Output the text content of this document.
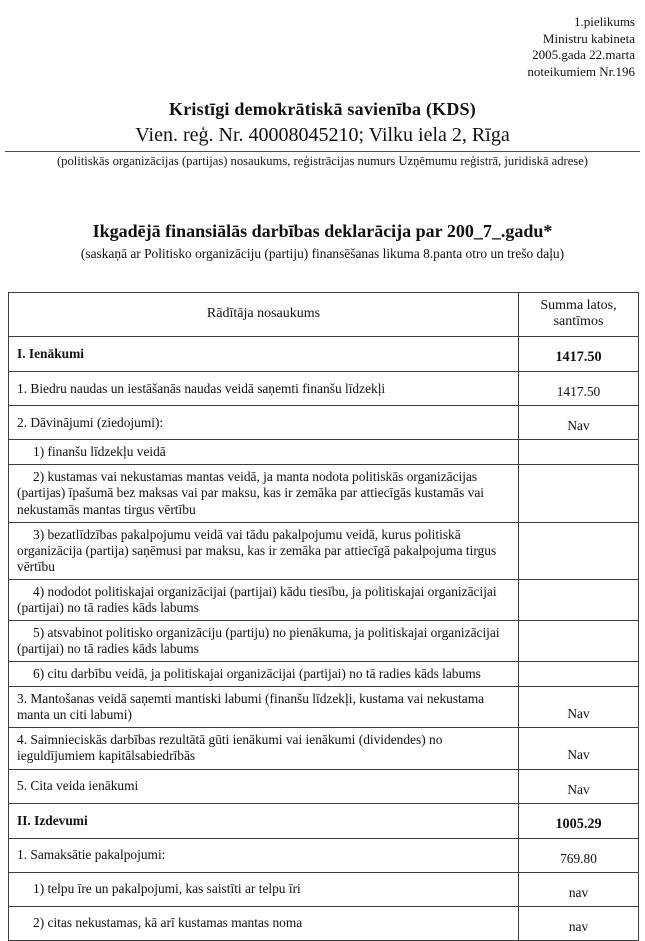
1.pielikums
Ministru kabineta
2005.gada 22.marta
noteikumiem Nr.196
Kristīgi demokrātiskā savienība (KDS)
Vien. reģ. Nr. 40008045210; Vilku iela 2, Rīga
(politiskās organizācijas (partijas) nosaukums, reģistrācijas numurs Uzņēmumu reģistrā, juridiskā adrese)
Ikgadējā finansiālās darbības deklarācija par 200_7_.gadu*
(saskaņā ar Politisko organizāciju (partiju) finansēšanas likuma 8.panta otro un trešo daļu)
Rādītāja nosaukums	Summa latos, santīmos
I. Ienākumi	1417.50
1. Biedru naudas un iestāšanās naudas veidā saņemti finanšu līdzekļi	1417.50
2. Dāvinājumi (ziedojumi):	Nav
1) finanšu līdzekļu veidā	
2) kustamas vai nekustamas mantas veidā, ja manta nodota politiskās organizācijas (partijas) īpašumā bez maksas vai par maksu, kas ir zemāka par attiecīgās kustamās vai nekustamās mantas tirgus vērtību	
3) bezatlīdzības pakalpojumu veidā vai tādu pakalpojumu veidā, kurus politiskā organizācija (partija) saņēmusi par maksu, kas ir zemāka par attiecīgā pakalpojuma tirgus vērtību	
4) nododot politiskajai organizācijai (partijai) kādu tiesību, ja politiskajai organizācijai (partijai) no tā radies kāds labums	
5) atsvabinot politisko organizāciju (partiju) no pienākuma, ja politiskajai organizācijai (partijai) no tā radies kāds labums	
6) citu darbību veidā, ja politiskajai organizācijai (partijai) no tā radies kāds labums	
3. Mantošanas veidā saņemti mantiski labumi (finanšu līdzekļi, kustama vai nekustama manta un citi labumi)	Nav
4. Saimnieciskās darbības rezultātā gūti ienākumi vai ienākumi (dividendes) no ieguldījumiem kapitālsabiedrībās	Nav
5. Cita veida ienākumi	Nav
II. Izdevumi	1005.29
1. Samaksātie pakalpojumi:	769.80
1) telpu īre un pakalpojumi, kas saistīti ar telpu īri	nav
2) citas nekustamas, kā arī kustamas mantas noma	nav
